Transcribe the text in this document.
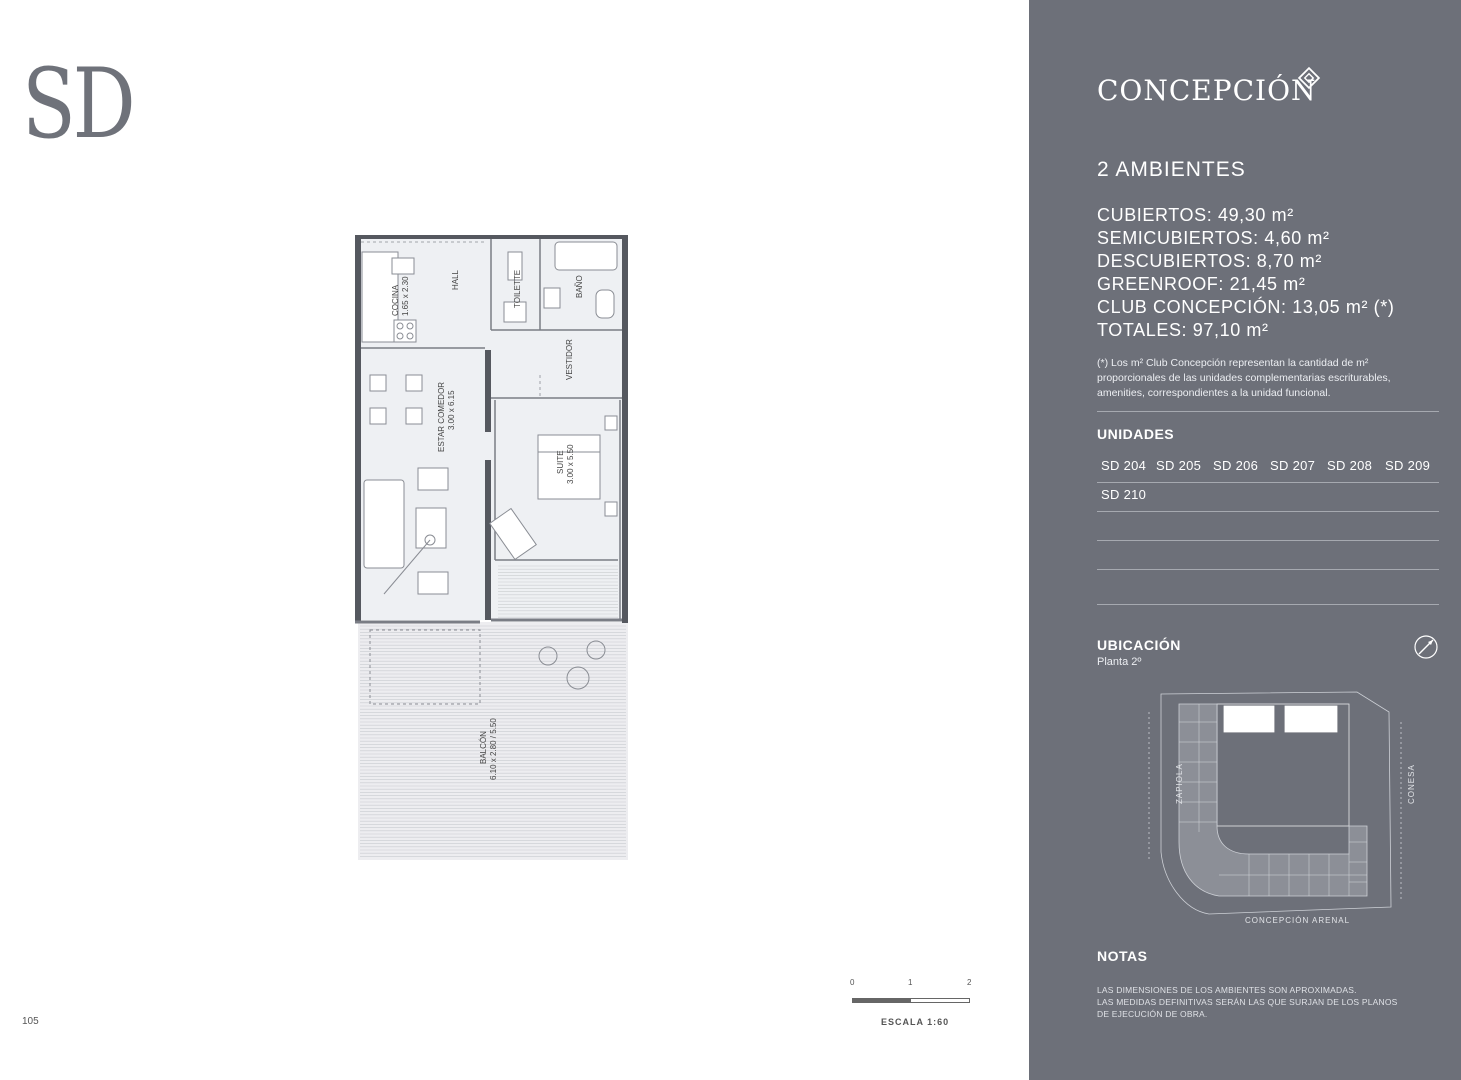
SD
COCINA 1.65 x 2.30	HALL	TOILETTE	BAÑO
VESTIDOR
ESTAR COMEDOR 3.00 x 6.15
SUITE 3.00 x 5.50
BALCÓN 6.10 x 2.80 / 5.50
105
0	1	2
ESCALA 1:60
CONCEPCIÓN
2 AMBIENTES
CUBIERTOS: 49,30 m²
SEMICUBIERTOS: 4,60 m²
DESCUBIERTOS: 8,70 m²
GREENROOF: 21,45 m²
CLUB CONCEPCIÓN: 13,05 m² (*)
TOTALES: 97,10 m²
(*) Los m² Club Concepción representan la cantidad de m² proporcionales de las unidades complementarias escriturables, amenities, correspondientes a la unidad funcional.
UNIDADES
SD 204 SD 205 SD 206 SD 207 SD 208 SD 209
SD 210
UBICACIÓN
Planta 2º
ZAPIOLA	CONESA
CONCEPCIÓN ARENAL
NOTAS
LAS DIMENSIONES DE LOS AMBIENTES SON APROXIMADAS.
LAS MEDIDAS DEFINITIVAS SERÁN LAS QUE SURJAN DE LOS PLANOS
DE EJECUCIÓN DE OBRA.
